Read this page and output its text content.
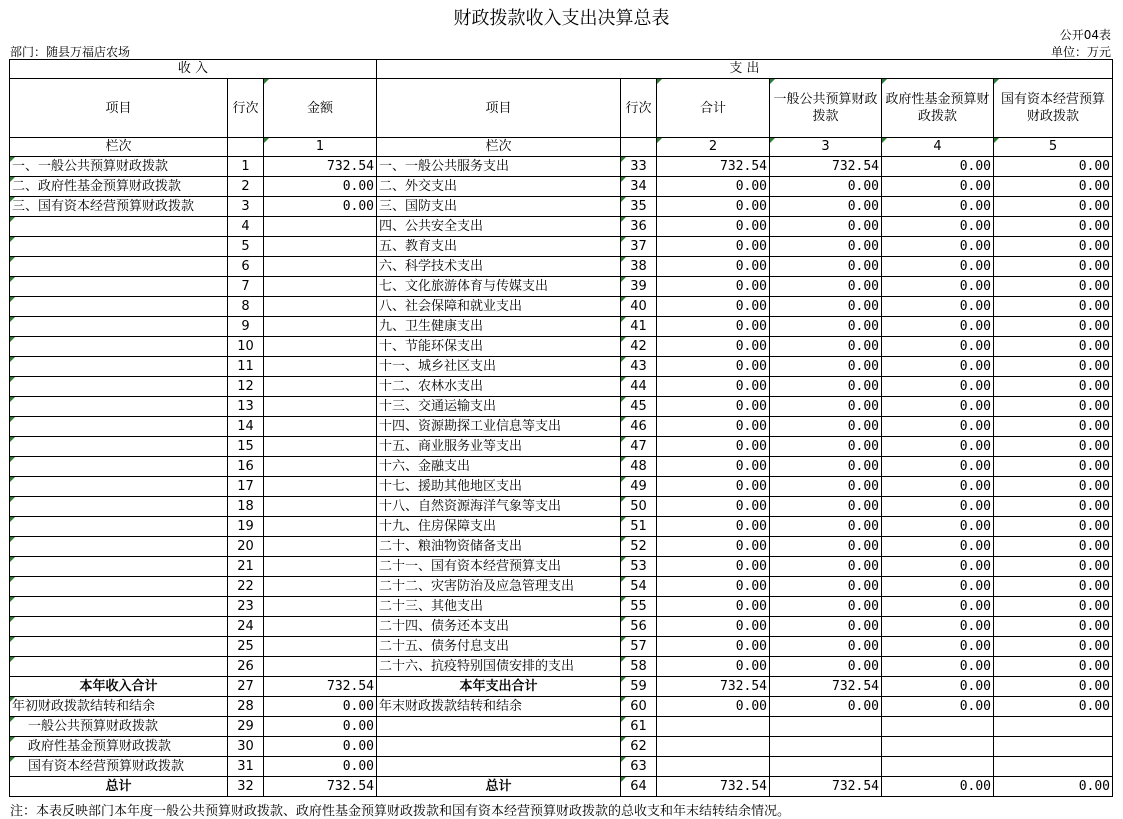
财政拨款收入支出决算总表
公开04表
部门：随县万福店农场	单位：万元
收 入			支 出					
项目	行次	金额	项目	行次	合计	一般公共预算财政拨款	政府性基金预算财政拨款	国有资本经营预算财政拨款
栏次		1	栏次		2	3	4	5
一、一般公共预算财政拨款	1	732.54	一、一般公共服务支出	33	732.54	732.54	0.00	0.00
二、政府性基金预算财政拨款	2	0.00	二、外交支出	34	0.00	0.00	0.00	0.00
三、国有资本经营预算财政拨款	3	0.00	三、国防支出	35	0.00	0.00	0.00	0.00
	4		四、公共安全支出	36	0.00	0.00	0.00	0.00
	5		五、教育支出	37	0.00	0.00	0.00	0.00
	6		六、科学技术支出	38	0.00	0.00	0.00	0.00
	7		七、文化旅游体育与传媒支出	39	0.00	0.00	0.00	0.00
	8		八、社会保障和就业支出	40	0.00	0.00	0.00	0.00
	9		九、卫生健康支出	41	0.00	0.00	0.00	0.00
	10		十、节能环保支出	42	0.00	0.00	0.00	0.00
	11		十一、城乡社区支出	43	0.00	0.00	0.00	0.00
	12		十二、农林水支出	44	0.00	0.00	0.00	0.00
	13		十三、交通运输支出	45	0.00	0.00	0.00	0.00
	14		十四、资源勘探工业信息等支出	46	0.00	0.00	0.00	0.00
	15		十五、商业服务业等支出	47	0.00	0.00	0.00	0.00
	16		十六、金融支出	48	0.00	0.00	0.00	0.00
	17		十七、援助其他地区支出	49	0.00	0.00	0.00	0.00
	18		十八、自然资源海洋气象等支出	50	0.00	0.00	0.00	0.00
	19		十九、住房保障支出	51	0.00	0.00	0.00	0.00
	20		二十、粮油物资储备支出	52	0.00	0.00	0.00	0.00
	21		二十一、国有资本经营预算支出	53	0.00	0.00	0.00	0.00
	22		二十二、灾害防治及应急管理支出	54	0.00	0.00	0.00	0.00
	23		二十三、其他支出	55	0.00	0.00	0.00	0.00
	24		二十四、债务还本支出	56	0.00	0.00	0.00	0.00
	25		二十五、债务付息支出	57	0.00	0.00	0.00	0.00
	26		二十六、抗疫特别国债安排的支出	58	0.00	0.00	0.00	0.00
本年收入合计	27	732.54	本年支出合计	59	732.54	732.54	0.00	0.00
年初财政拨款结转和结余	28	0.00	年末财政拨款结转和结余	60	0.00	0.00	0.00	0.00
一般公共预算财政拨款	29	0.00		61				
政府性基金预算财政拨款	30	0.00		62				
国有资本经营预算财政拨款	31	0.00		63				
总计	32	732.54	总计	64	732.54	732.54	0.00	0.00
注：本表反映部门本年度一般公共预算财政拨款、政府性基金预算财政拨款和国有资本经营预算财政拨款的总收支和年末结转结余情况。
